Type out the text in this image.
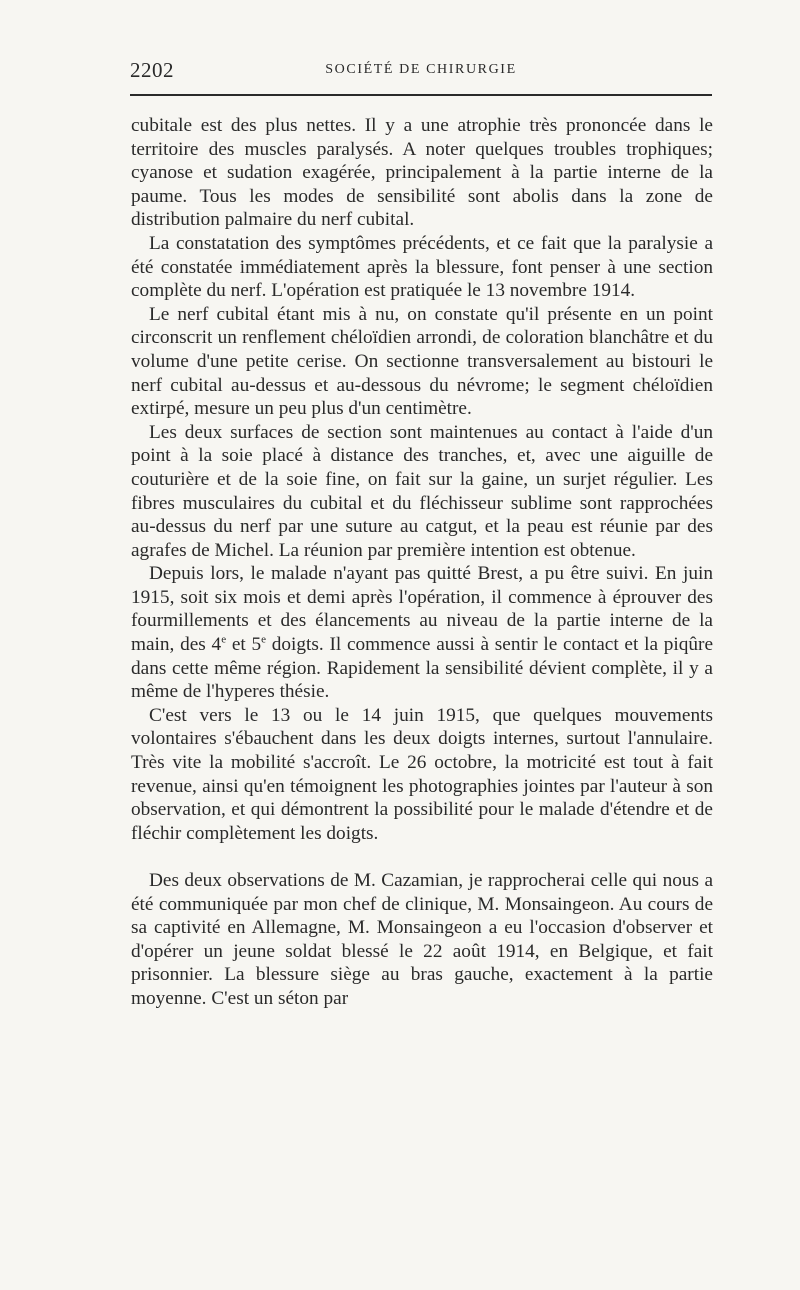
2202	SOCIÉTÉ DE CHIRURGIE

cubitale est des plus nettes. Il y a une atrophie très prononcée dans le territoire des muscles paralysés. A noter quelques troubles trophiques; cyanose et sudation exagérée, principalement à la partie interne de la paume. Tous les modes de sensibilité sont abolis dans la zone de distribution palmaire du nerf cubital.

La constatation des symptômes précédents, et ce fait que la paralysie a été constatée immédiatement après la blessure, font penser à une section complète du nerf. L'opération est pratiquée le 13 novembre 1914.

Le nerf cubital étant mis à nu, on constate qu'il présente en un point circonscrit un renflement chéloïdien arrondi, de coloration blanchâtre et du volume d'une petite cerise. On sectionne transversalement au bistouri le nerf cubital au-dessus et au-dessous du névrome; le segment chéloïdien extirpé, mesure un peu plus d'un centimètre.

Les deux surfaces de section sont maintenues au contact à l'aide d'un point à la soie placé à distance des tranches, et, avec une aiguille de couturière et de la soie fine, on fait sur la gaine, un surjet régulier. Les fibres musculaires du cubital et du fléchisseur sublime sont rapprochées au-dessus du nerf par une suture au catgut, et la peau est réunie par des agrafes de Michel. La réunion par première intention est obtenue.

Depuis lors, le malade n'ayant pas quitté Brest, a pu être suivi. En juin 1915, soit six mois et demi après l'opération, il commence à éprouver des fourmillements et des élancements au niveau de la partie interne de la main, des 4e et 5e doigts. Il commence aussi à sentir le contact et la piqûre dans cette même région. Rapidement la sensibilité dévient complète, il y a même de l'hyperes thésie.

C'est vers le 13 ou le 14 juin 1915, que quelques mouvements volontaires s'ébauchent dans les deux doigts internes, surtout l'annulaire. Très vite la mobilité s'accroît. Le 26 octobre, la motricité est tout à fait revenue, ainsi qu'en témoignent les photographies jointes par l'auteur à son observation, et qui démontrent la possibilité pour le malade d'étendre et de fléchir complètement les doigts.

Des deux observations de M. Cazamian, je rapprocherai celle qui nous a été communiquée par mon chef de clinique, M. Monsaingeon. Au cours de sa captivité en Allemagne, M. Monsaingeon a eu l'occasion d'observer et d'opérer un jeune soldat blessé le 22 août 1914, en Belgique, et fait prisonnier. La blessure siège au bras gauche, exactement à la partie moyenne. C'est un séton par
